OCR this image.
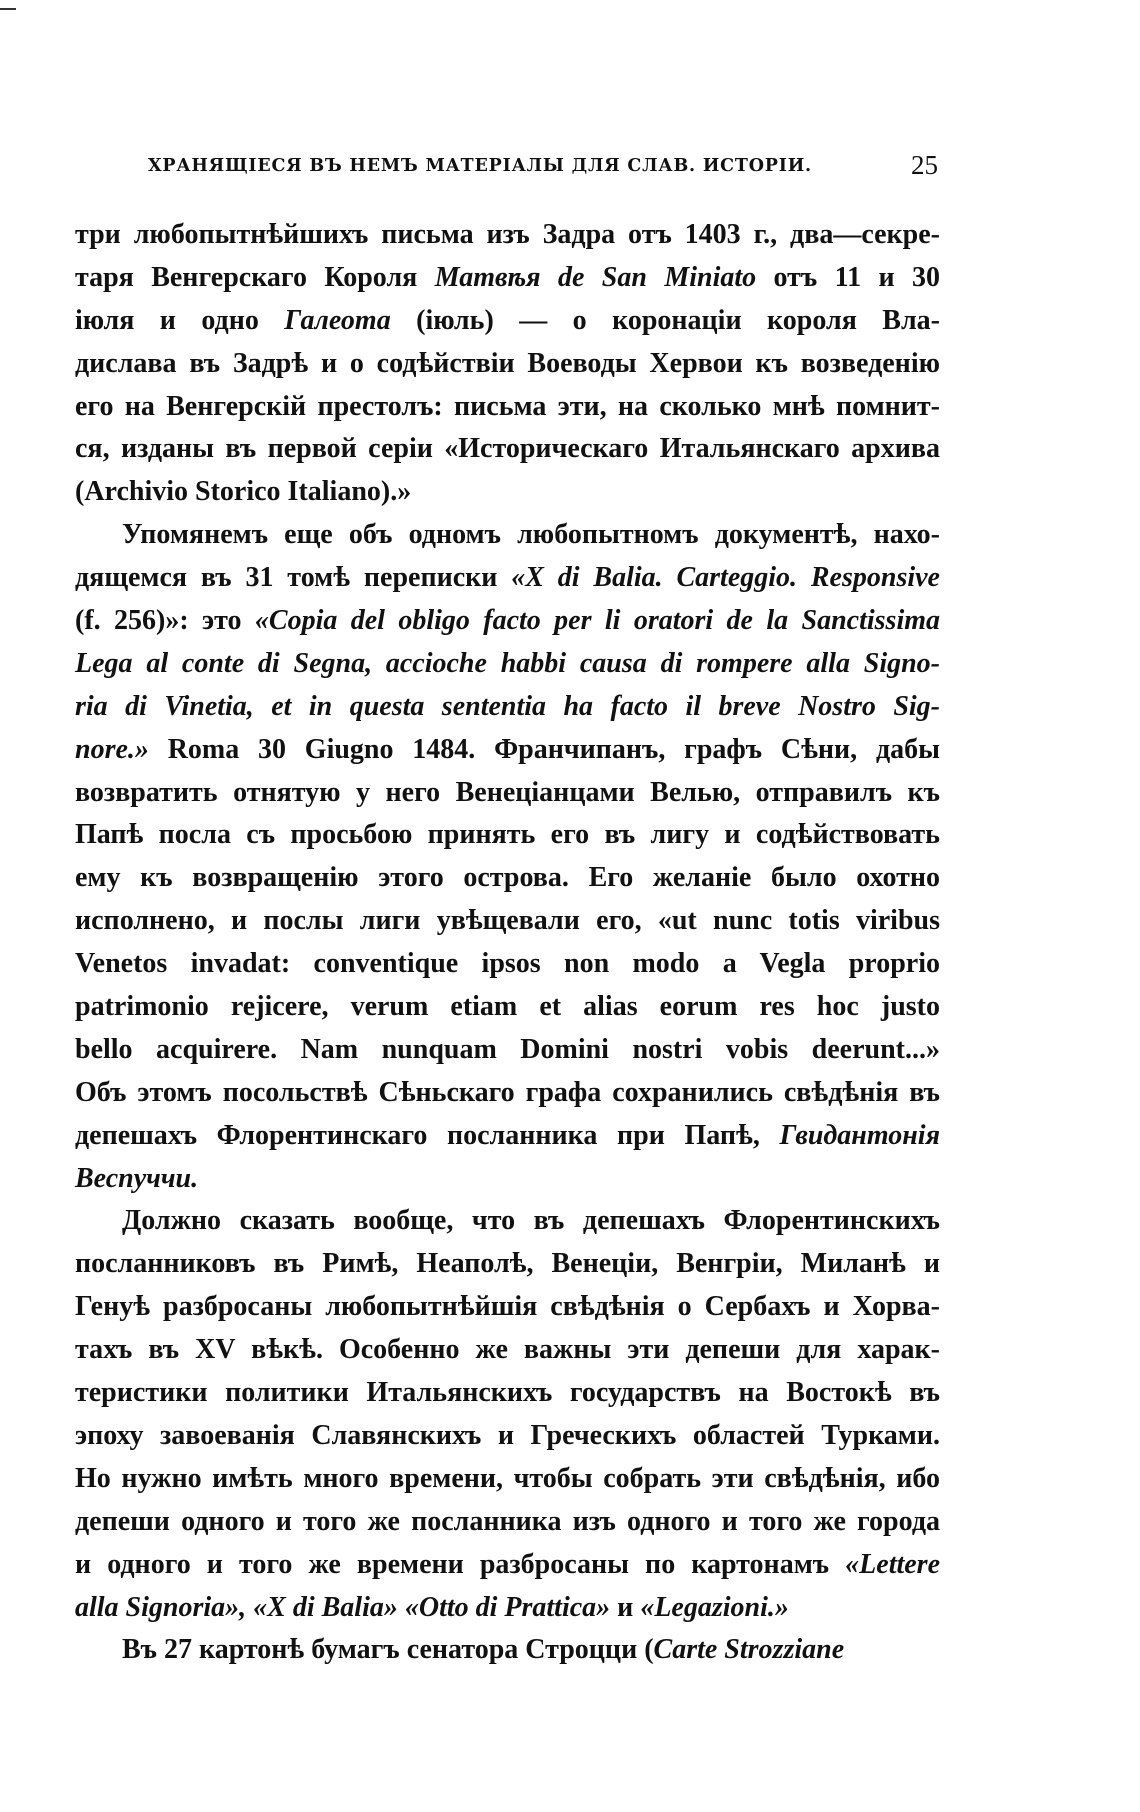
ХРАНЯЩІЕСЯ ВЪ НЕМЪ МАТЕРІАЛЫ ДЛЯ СЛАВ. ИСТОРІИ.	25
три любопытнѣйшихъ письма изъ Задра отъ 1403 г., два—секре-
таря Венгерскаго Короля Матвѣя de San Miniato отъ 11 и 30
іюля и одно Галеота (іюль) — о коронаціи короля Вла-
дислава въ Задрѣ и о содѣйствіи Воеводы Хервои къ возведенію
его на Венгерскій престолъ: письма эти, на сколько мнѣ помнит-
ся, изданы въ первой серіи «Историческаго Итальянскаго архива
(Archivio Storico Italiano).»
Упомянемъ еще объ одномъ любопытномъ документѣ, нахо-
дящемся въ 31 томѣ переписки «X di Balia. Carteggio. Responsive
(f. 256)»: это «Copia del obligo facto per li oratori de la Sanctissima
Lega al conte di Segna, accioche habbi causa di rompere alla Signo-
ria di Vinetia, et in questa sententia ha facto il breve Nostro Sig-
nore.» Roma 30 Giugno 1484. Франчипанъ, графъ Сѣни, дабы
возвратить отнятую у него Венеціанцами Велью, отправилъ къ
Папѣ посла съ просьбою принять его въ лигу и содѣйствовать
ему къ возвращенію этого острова. Его желаніе было охотно
исполнено, и послы лиги увѣщевали его, «ut nunc totis viribus
Venetos invadat: conventique ipsos non modo a Vegla proprio
patrimonio rejicere, verum etiam et alias eorum res hoc justo
bello acquirere. Nam nunquam Domini nostri vobis deerunt...»
Объ этомъ посольствѣ Сѣньскаго графа сохранились свѣдѣнія въ
депешахъ Флорентинскаго посланника при Папѣ, Гвидантонія
Веспуччи.
Должно сказать вообще, что въ депешахъ Флорентинскихъ
посланниковъ въ Римѣ, Неаполѣ, Венеціи, Венгріи, Миланѣ и
Генуѣ разбросаны любопытнѣйшія свѣдѣнія о Сербахъ и Хорва-
тахъ въ XV вѣкѣ. Особенно же важны эти депеши для харак-
теристики политики Итальянскихъ государствъ на Востокѣ въ
эпоху завоеванія Славянскихъ и Греческихъ областей Турками.
Но нужно имѣть много времени, чтобы собрать эти свѣдѣнія, ибо
депеши одного и того же посланника изъ одного и того же города
и одного и того же времени разбросаны по картонамъ «Lettere
alla Signoria», «X di Balia» «Otto di Prattica» и «Legazioni.»
Въ 27 картонѣ бумагъ сенатора Строцци (Carte Strozziane
